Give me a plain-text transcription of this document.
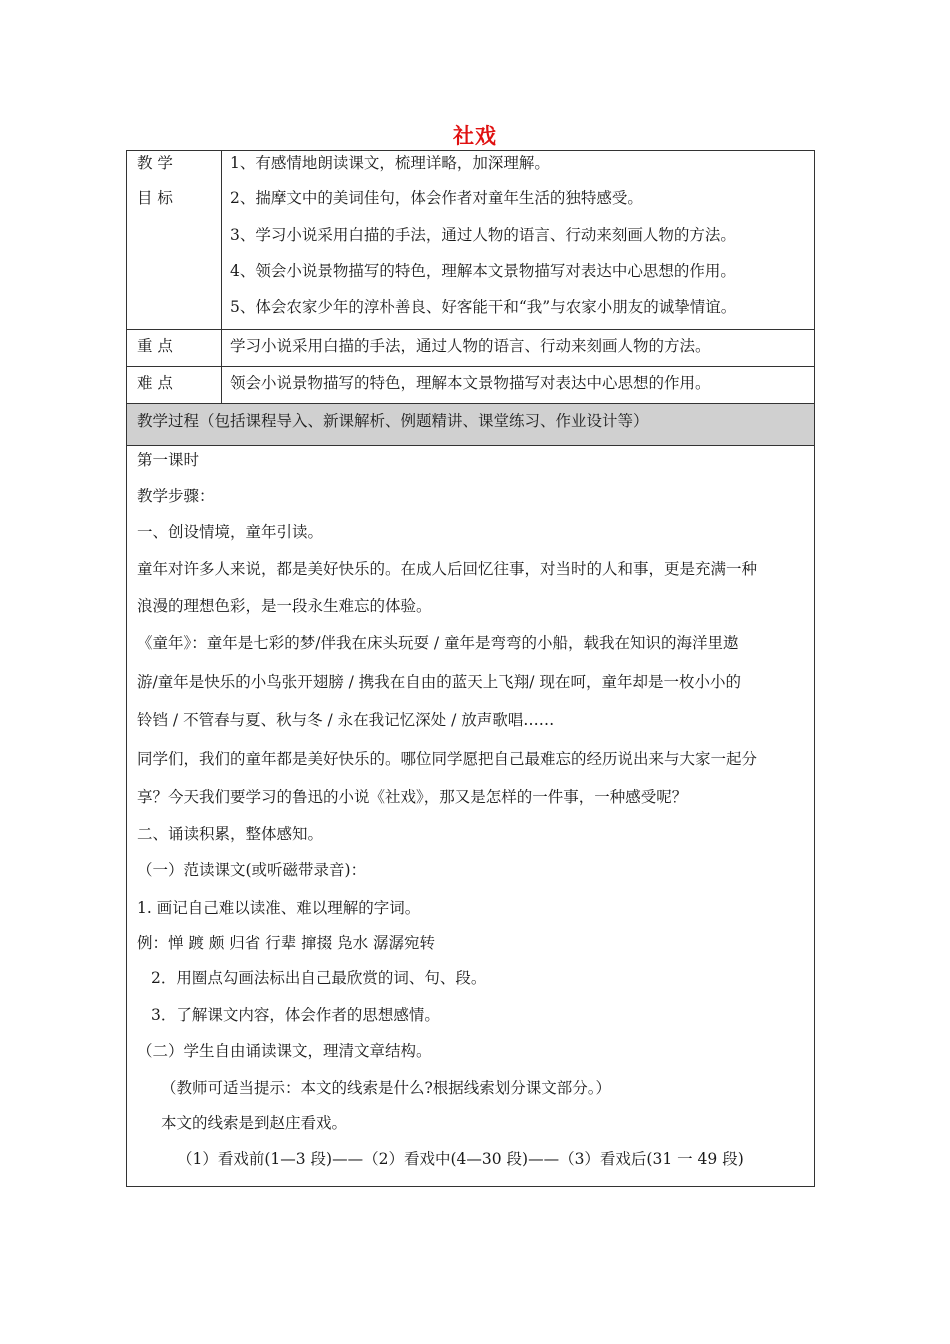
社戏
教 学
目 标
1、有感情地朗读课文，梳理详略，加深理解。
2、揣摩文中的美词佳句，体会作者对童年生活的独特感受。
3、学习小说采用白描的手法，通过人物的语言、行动来刻画人物的方法。
4、领会小说景物描写的特色，理解本文景物描写对表达中心思想的作用。
5、体会农家少年的淳朴善良、好客能干和“我”与农家小朋友的诚挚情谊。
重 点	学习小说采用白描的手法，通过人物的语言、行动来刻画人物的方法。
难 点	领会小说景物描写的特色，理解本文景物描写对表达中心思想的作用。
教学过程（包括课程导入、新课解析、例题精讲、课堂练习、作业设计等）
第一课时
教学步骤：
一、创设情境，童年引读。
童年对许多人来说，都是美好快乐的。在成人后回忆往事，对当时的人和事，更是充满一种
浪漫的理想色彩，是一段永生难忘的体验。
《童年》：童年是七彩的梦/伴我在床头玩耍 / 童年是弯弯的小船，载我在知识的海洋里遨
游/童年是快乐的小鸟张开翅膀 / 携我在自由的蓝天上飞翔/ 现在呵，童年却是一枚小小的
铃铛 / 不管春与夏、秋与冬 / 永在我记忆深处 / 放声歌唱……
同学们，我们的童年都是美好快乐的。哪位同学愿把自己最难忘的经历说出来与大家一起分
享？今天我们要学习的鲁迅的小说《社戏》，那又是怎样的一件事，一种感受呢？
二、诵读积累，整体感知。
（一）范读课文(或听磁带录音)：
1. 画记自己难以读准、难以理解的字词。
例：惮 踱 颇 归省 行辈 撺掇 凫水 潺潺宛转
2．用圈点勾画法标出自己最欣赏的词、句、段。
3．了解课文内容，体会作者的思想感情。
（二）学生自由诵读课文，理清文章结构。
（教师可适当提示：本文的线索是什么?根据线索划分课文部分。）
本文的线索是到赵庄看戏。
（1）看戏前(1—3 段)——（2）看戏中(4—30 段)——（3）看戏后(31 一 49 段)
